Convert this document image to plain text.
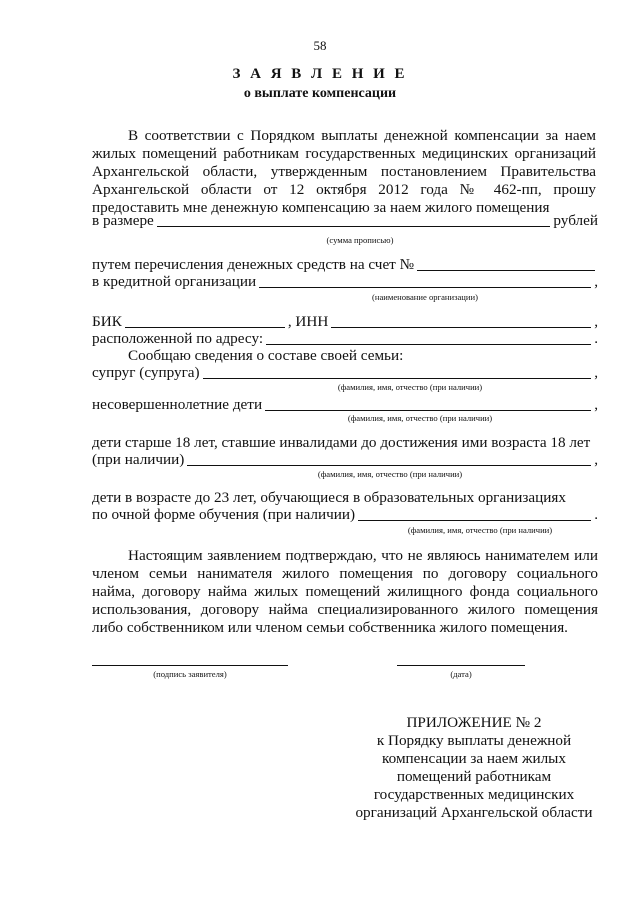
58
З А Я В Л Е Н И Е
о выплате компенсации

В соответствии с Порядком выплаты денежной компенсации за наем жилых помещений работникам государственных медицинских организаций Архангельской области, утвержденным постановлением Правительства Архангельской области от 12 октября 2012 года № 462-пп, прошу предоставить мне денежную компенсацию за наем жилого помещения

в размере	рублей
(сумма прописью)
путем перечисления денежных средств на счет №
в кредитной организации	,
(наименование организации)
БИК	, ИНН	,
расположенной по адресу:	.
Сообщаю сведения о составе своей семьи:
супруг (супруга)	,
(фамилия, имя, отчество (при наличии)
несовершеннолетние дети	,
(фамилия, имя, отчество (при наличии)
дети старше 18 лет, ставшие инвалидами до достижения ими возраста 18 лет
(при наличии)	,
(фамилия, имя, отчество (при наличии)
дети в возрасте до 23 лет, обучающиеся в образовательных организациях
по очной форме обучения (при наличии)	.
(фамилия, имя, отчество (при наличии)

Настоящим заявлением подтверждаю, что не являюсь нанимателем или членом семьи нанимателя жилого помещения по договору социального найма, договору найма жилых помещений жилищного фонда социального использования, договору найма специализированного жилого помещения либо собственником или членом семьи собственника жилого помещения.

(подпись заявителя)	(дата)
ПРИЛОЖЕНИЕ № 2
к Порядку выплаты денежной
компенсации за наем жилых
помещений работникам
государственных медицинских
организаций Архангельской области
